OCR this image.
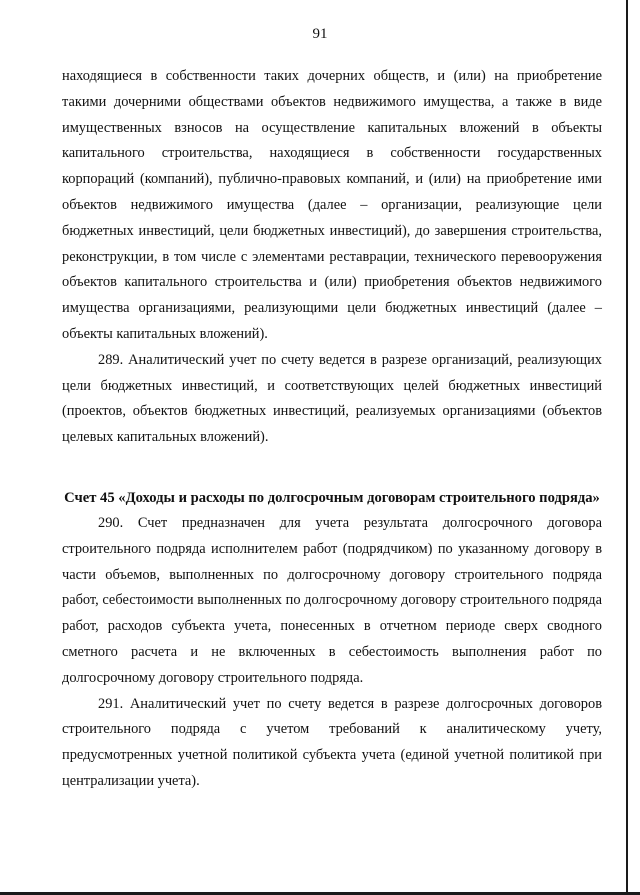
91

находящиеся в собственности таких дочерних обществ, и (или) на приобретение такими дочерними обществами объектов недвижимого имущества, а также в виде имущественных взносов на осуществление капитальных вложений в объекты капитального строительства, находящиеся в собственности государственных корпораций (компаний), публично-правовых компаний, и (или) на приобретение ими объектов недвижимого имущества (далее – организации, реализующие цели бюджетных инвестиций, цели бюджетных инвестиций), до завершения строительства, реконструкции, в том числе с элементами реставрации, технического перевооружения объектов капитального строительства и (или) приобретения объектов недвижимого имущества организациями, реализующими цели бюджетных инвестиций (далее – объекты капитальных вложений).

289. Аналитический учет по счету ведется в разрезе организаций, реализующих цели бюджетных инвестиций, и соответствующих целей бюджетных инвестиций (проектов, объектов бюджетных инвестиций, реализуемых организациями (объектов целевых капитальных вложений).

Счет 45 «Доходы и расходы по долгосрочным договорам строительного подряда»

290. Счет предназначен для учета результата долгосрочного договора строительного подряда исполнителем работ (подрядчиком) по указанному договору в части объемов, выполненных по долгосрочному договору строительного подряда работ, себестоимости выполненных по долгосрочному договору строительного подряда работ, расходов субъекта учета, понесенных в отчетном периоде сверх сводного сметного расчета и не включенных в себестоимость выполнения работ по долгосрочному договору строительного подряда.

291. Аналитический учет по счету ведется в разрезе долгосрочных договоров строительного подряда с учетом требований к аналитическому учету, предусмотренных учетной политикой субъекта учета (единой учетной политикой при централизации учета).
